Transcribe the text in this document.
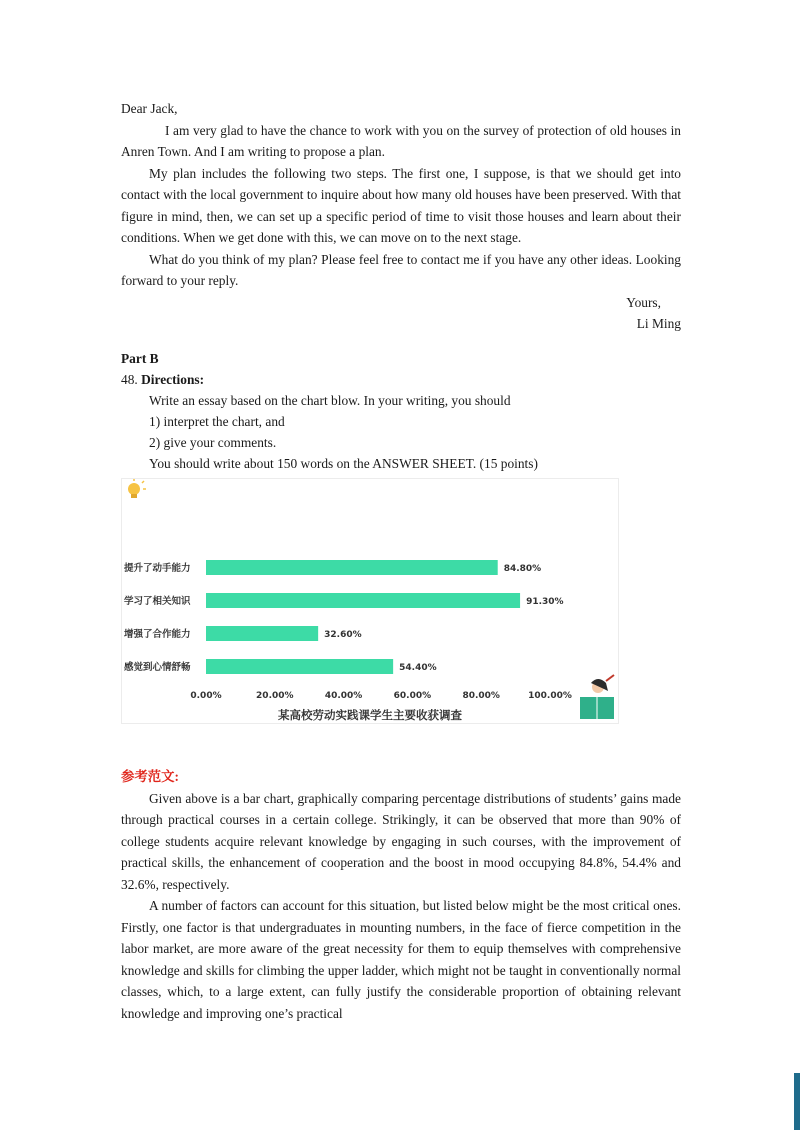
Dear Jack,

I am very glad to have the chance to work with you on the survey of protection of old houses in Anren Town. And I am writing to propose a plan.

My plan includes the following two steps. The first one, I suppose, is that we should get into contact with the local government to inquire about how many old houses have been preserved. With that figure in mind, then, we can set up a specific period of time to visit those houses and learn about their conditions. When we get done with this, we can move on to the next stage.

What do you think of my plan? Please feel free to contact me if you have any other ideas. Looking forward to your reply.

Yours,

Li Ming

Part B

48. Directions:

Write an essay based on the chart blow. In your writing, you should

1) interpret the chart, and

2) give your comments.

You should write about 150 words on the ANSWER SHEET. (15 points)

提升了动手能力	84.80%
学习了相关知识	91.30%
增强了合作能力	32.60%
感觉到心情舒畅	54.40%
0.00%	20.00%	40.00%	60.00%	80.00%	100.00%
某高校劳动实践课学生主要收获调查

参考范文:

Given above is a bar chart, graphically comparing percentage distributions of students’ gains made through practical courses in a certain college. Strikingly, it can be observed that more than 90% of college students acquire relevant knowledge by engaging in such courses, with the improvement of practical skills, the enhancement of cooperation and the boost in mood occupying 84.8%, 54.4% and 32.6%, respectively.

A number of factors can account for this situation, but listed below might be the most critical ones. Firstly, one factor is that undergraduates in mounting numbers, in the face of fierce competition in the labor market, are more aware of the great necessity for them to equip themselves with comprehensive knowledge and skills for climbing the upper ladder, which might not be taught in conventionally normal classes, which, to a large extent, can fully justify the considerable proportion of obtaining relevant knowledge and improving one’s practical
